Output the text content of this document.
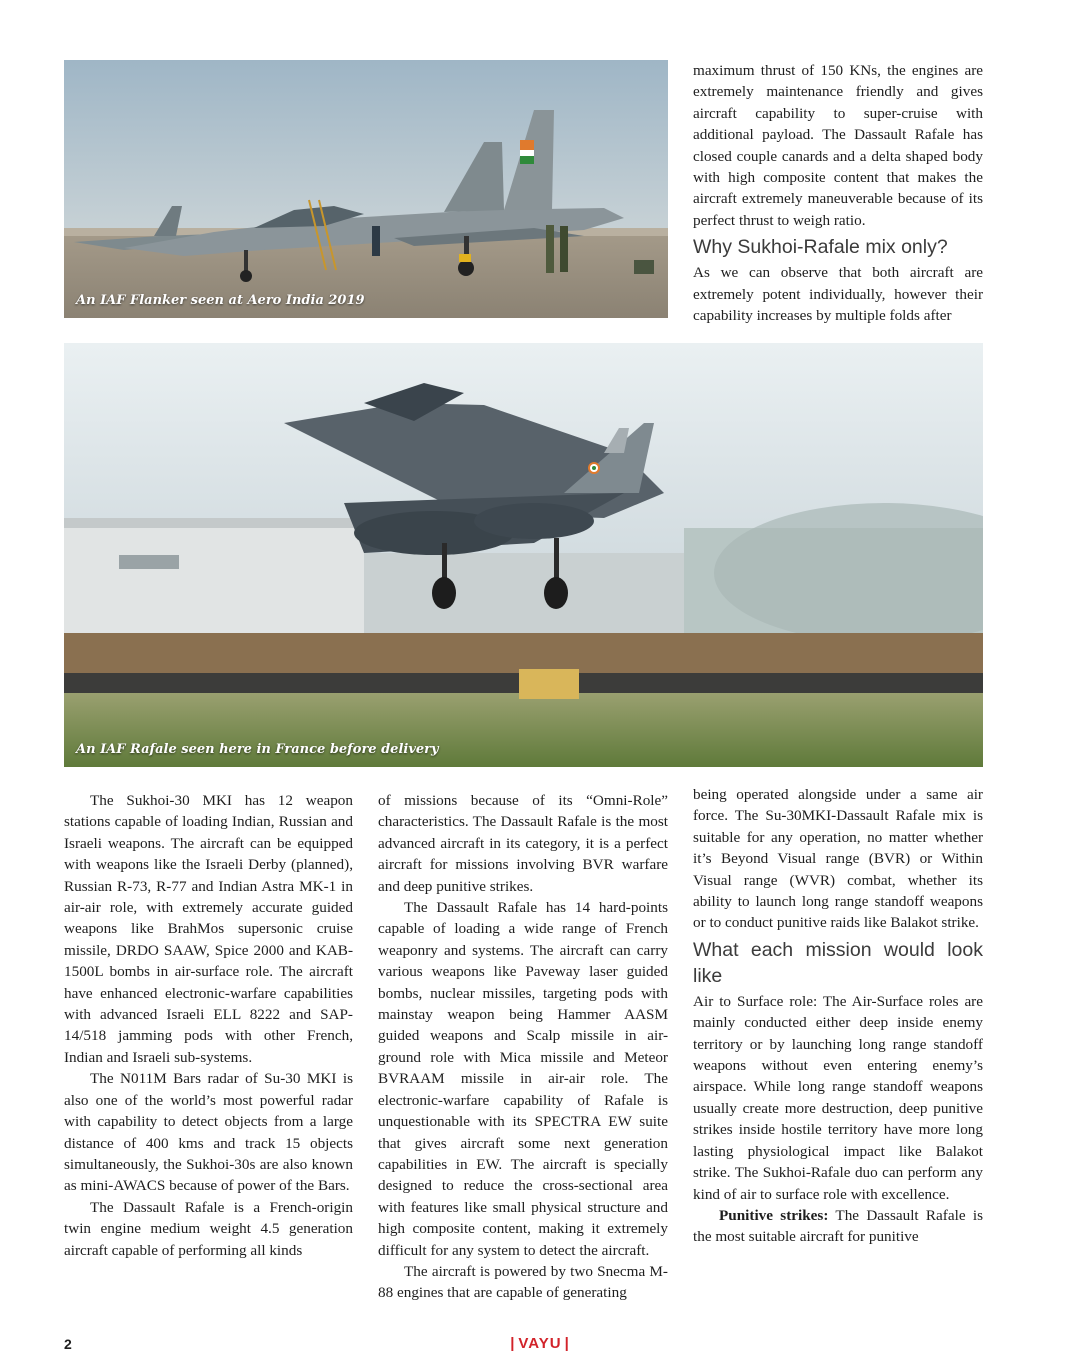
An IAF Flanker seen at Aero India 2019

maximum thrust of 150 KNs, the engines are extremely maintenance friendly and gives aircraft capability to super-cruise with additional payload. The Dassault Rafale has closed couple canards and a delta shaped body with high composite content that makes the aircraft extremely maneuverable because of its perfect thrust to weigh ratio.

Why Sukhoi-Rafale mix only?

As we can observe that both aircraft are extremely potent individually, however their capability increases by multiple folds after

An IAF Rafale seen here in France before delivery

The Sukhoi-30 MKI has 12 weapon stations capable of loading Indian, Russian and Israeli weapons. The aircraft can be equipped with weapons like the Israeli Derby (planned), Russian R-73, R-77 and Indian Astra MK-1 in air-air role, with extremely accurate guided weapons like BrahMos supersonic cruise missile, DRDO SAAW, Spice 2000 and KAB-1500L bombs in air-surface role. The aircraft have enhanced electronic-warfare capabilities with advanced Israeli ELL 8222 and SAP-14/518 jamming pods with other French, Indian and Israeli sub-systems.

The N011M Bars radar of Su-30 MKI is also one of the world’s most powerful radar with capability to detect objects from a large distance of 400 kms and track 15 objects simultaneously, the Sukhoi-30s are also known as mini-AWACS because of power of the Bars.

The Dassault Rafale is a French-origin twin engine medium weight 4.5 generation aircraft capable of performing all kinds

of missions because of its “Omni-Role” characteristics. The Dassault Rafale is the most advanced aircraft in its category, it is a perfect aircraft for missions involving BVR warfare and deep punitive strikes.

The Dassault Rafale has 14 hard-points capable of loading a wide range of French weaponry and systems. The aircraft can carry various weapons like Paveway laser guided bombs, nuclear missiles, targeting pods with mainstay weapon being Hammer AASM guided weapons and Scalp missile in air- ground role with Mica missile and Meteor BVRAAM missile in air-air role. The electronic-warfare capability of Rafale is unquestionable with its SPECTRA EW suite that gives aircraft some next generation capabilities in EW. The aircraft is specially designed to reduce the cross-sectional area with features like small physical structure and high composite content, making it extremely difficult for any system to detect the aircraft.

The aircraft is powered by two Snecma M-88 engines that are capable of generating

being operated alongside under a same air force. The Su-30MKI-Dassault Rafale mix is suitable for any operation, no matter whether it’s Beyond Visual range (BVR) or Within Visual range (WVR) combat, whether its ability to launch long range standoff weapons or to conduct punitive raids like Balakot strike.

What each mission would look like

Air to Surface role: The Air-Surface roles are mainly conducted either deep inside enemy territory or by launching long range standoff weapons without even entering enemy’s airspace. While long range standoff weapons usually create more destruction, deep punitive strikes inside hostile territory have more long lasting physiological impact like Balakot strike. The Sukhoi-Rafale duo can perform any kind of air to surface role with excellence.

Punitive strikes: The Dassault Rafale is the most suitable aircraft for punitive

2	| VAYU |
